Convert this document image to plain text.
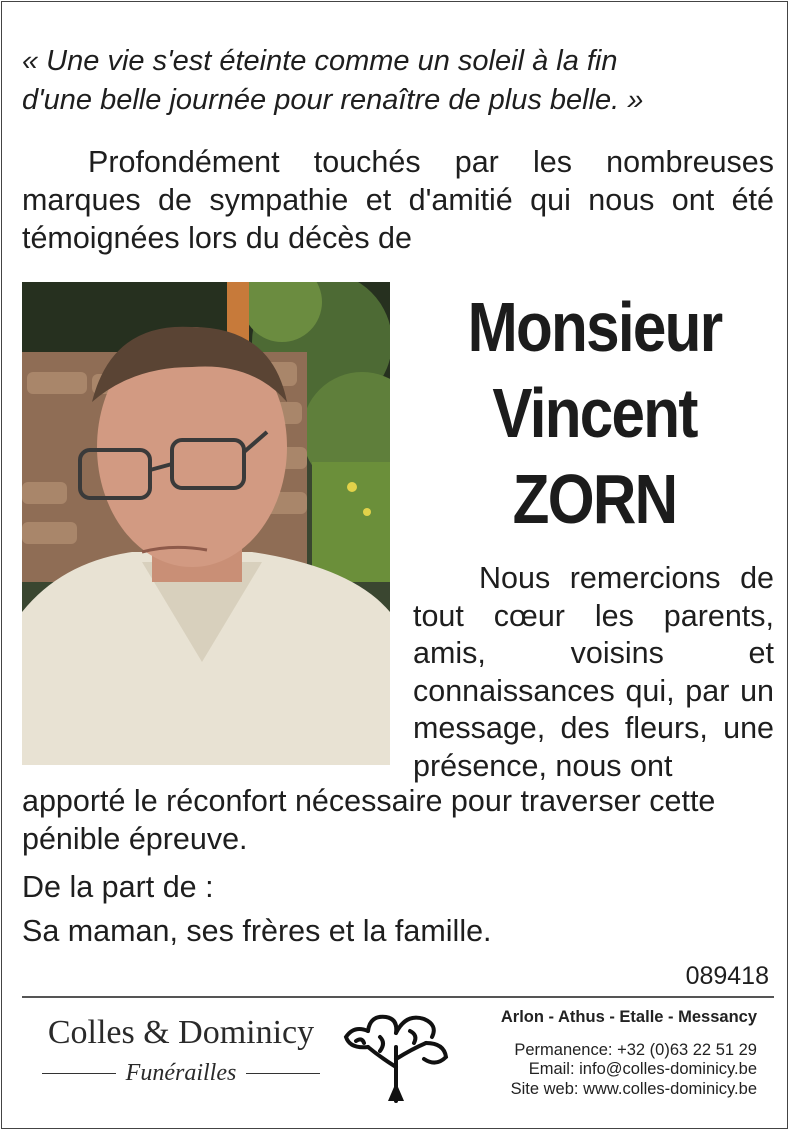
« Une vie s'est éteinte comme un soleil à la fin
d'une belle journée pour renaître de plus belle. »

Profondément touchés par les nombreuses marques de sympathie et d'amitié qui nous ont été témoignées lors du décès de

Monsieur
Vincent
ZORN

Nous remercions de tout cœur les parents, amis, voisins et connaissances qui, par un message, des fleurs, une présence, nous ont

apporté le réconfort nécessaire pour traverser cette pénible épreuve.

De la part de :
Sa maman, ses frères et la famille.
089418
Colles & Dominicy
Funérailles
Arlon - Athus - Etalle - Messancy
Permanence: +32 (0)63 22 51 29
Email: info@colles-dominicy.be
Site web: www.colles-dominicy.be
